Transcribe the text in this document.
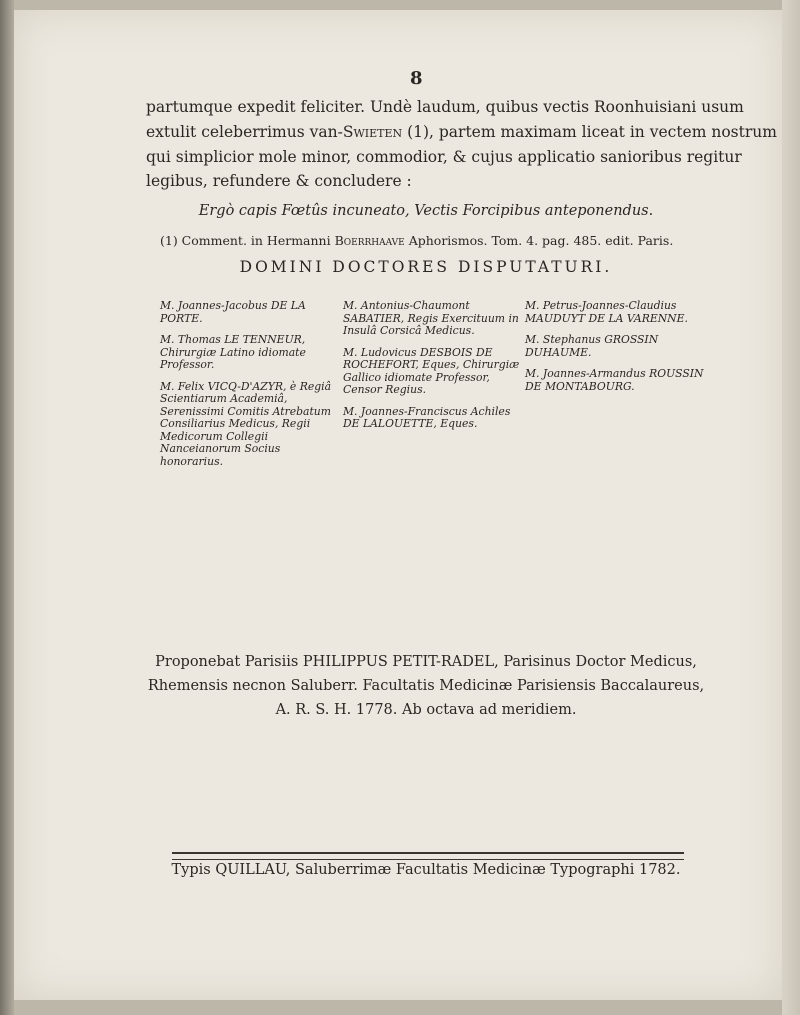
8
partumque expedit feliciter. Undè laudum, quibus vectis Roonhuisiani usum
extulit celeberrimus van-Swieten (1), partem maximam liceat in vectem nostrum
qui simplicior mole minor, commodior, & cujus applicatio sanioribus regitur
legibus, refundere & concludere :
Ergò capis Fœtûs incuneato, Vectis Forcipibus anteponendus.
(1) Comment. in Hermanni Boerrhaave Aphorismos. Tom. 4. pag. 485. edit. Paris.
DOMINI DOCTORES DISPUTATURI.
M. Joannes-Jacobus DE LA PORTE.
M. Thomas LE TENNEUR, Chirurgiæ Latino idiomate Professor.
M. Felix VICQ-D'AZYR, è Regiâ Scientiarum Academiâ, Serenissimi Comitis Atrebatum Consiliarius Medicus, Regii Medicorum Collegii Nanceianorum Socius honorarius.
M. Antonius-Chaumont SABATIER, Regis Exercituum in Insulâ Corsicâ Medicus.
M. Ludovicus DESBOIS DE ROCHEFORT, Eques, Chirurgiæ Gallico idiomate Professor, Censor Regius.
M. Joannes-Franciscus Achiles DE LALOUETTE, Eques.
M. Petrus-Joannes-Claudius MAUDUYT DE LA VARENNE.
M. Stephanus GROSSIN DUHAUME.
M. Joannes-Armandus ROUSSIN DE MONTABOURG.
Proponebat Parisiis PHILIPPUS PETIT-RADEL, Parisinus Doctor Medicus,
Rhemensis necnon Saluberr. Facultatis Medicinæ Parisiensis Baccalaureus,
A. R. S. H. 1778. Ab octava ad meridiem.
Typis QUILLAU, Saluberrimæ Facultatis Medicinæ Typographi 1782.
